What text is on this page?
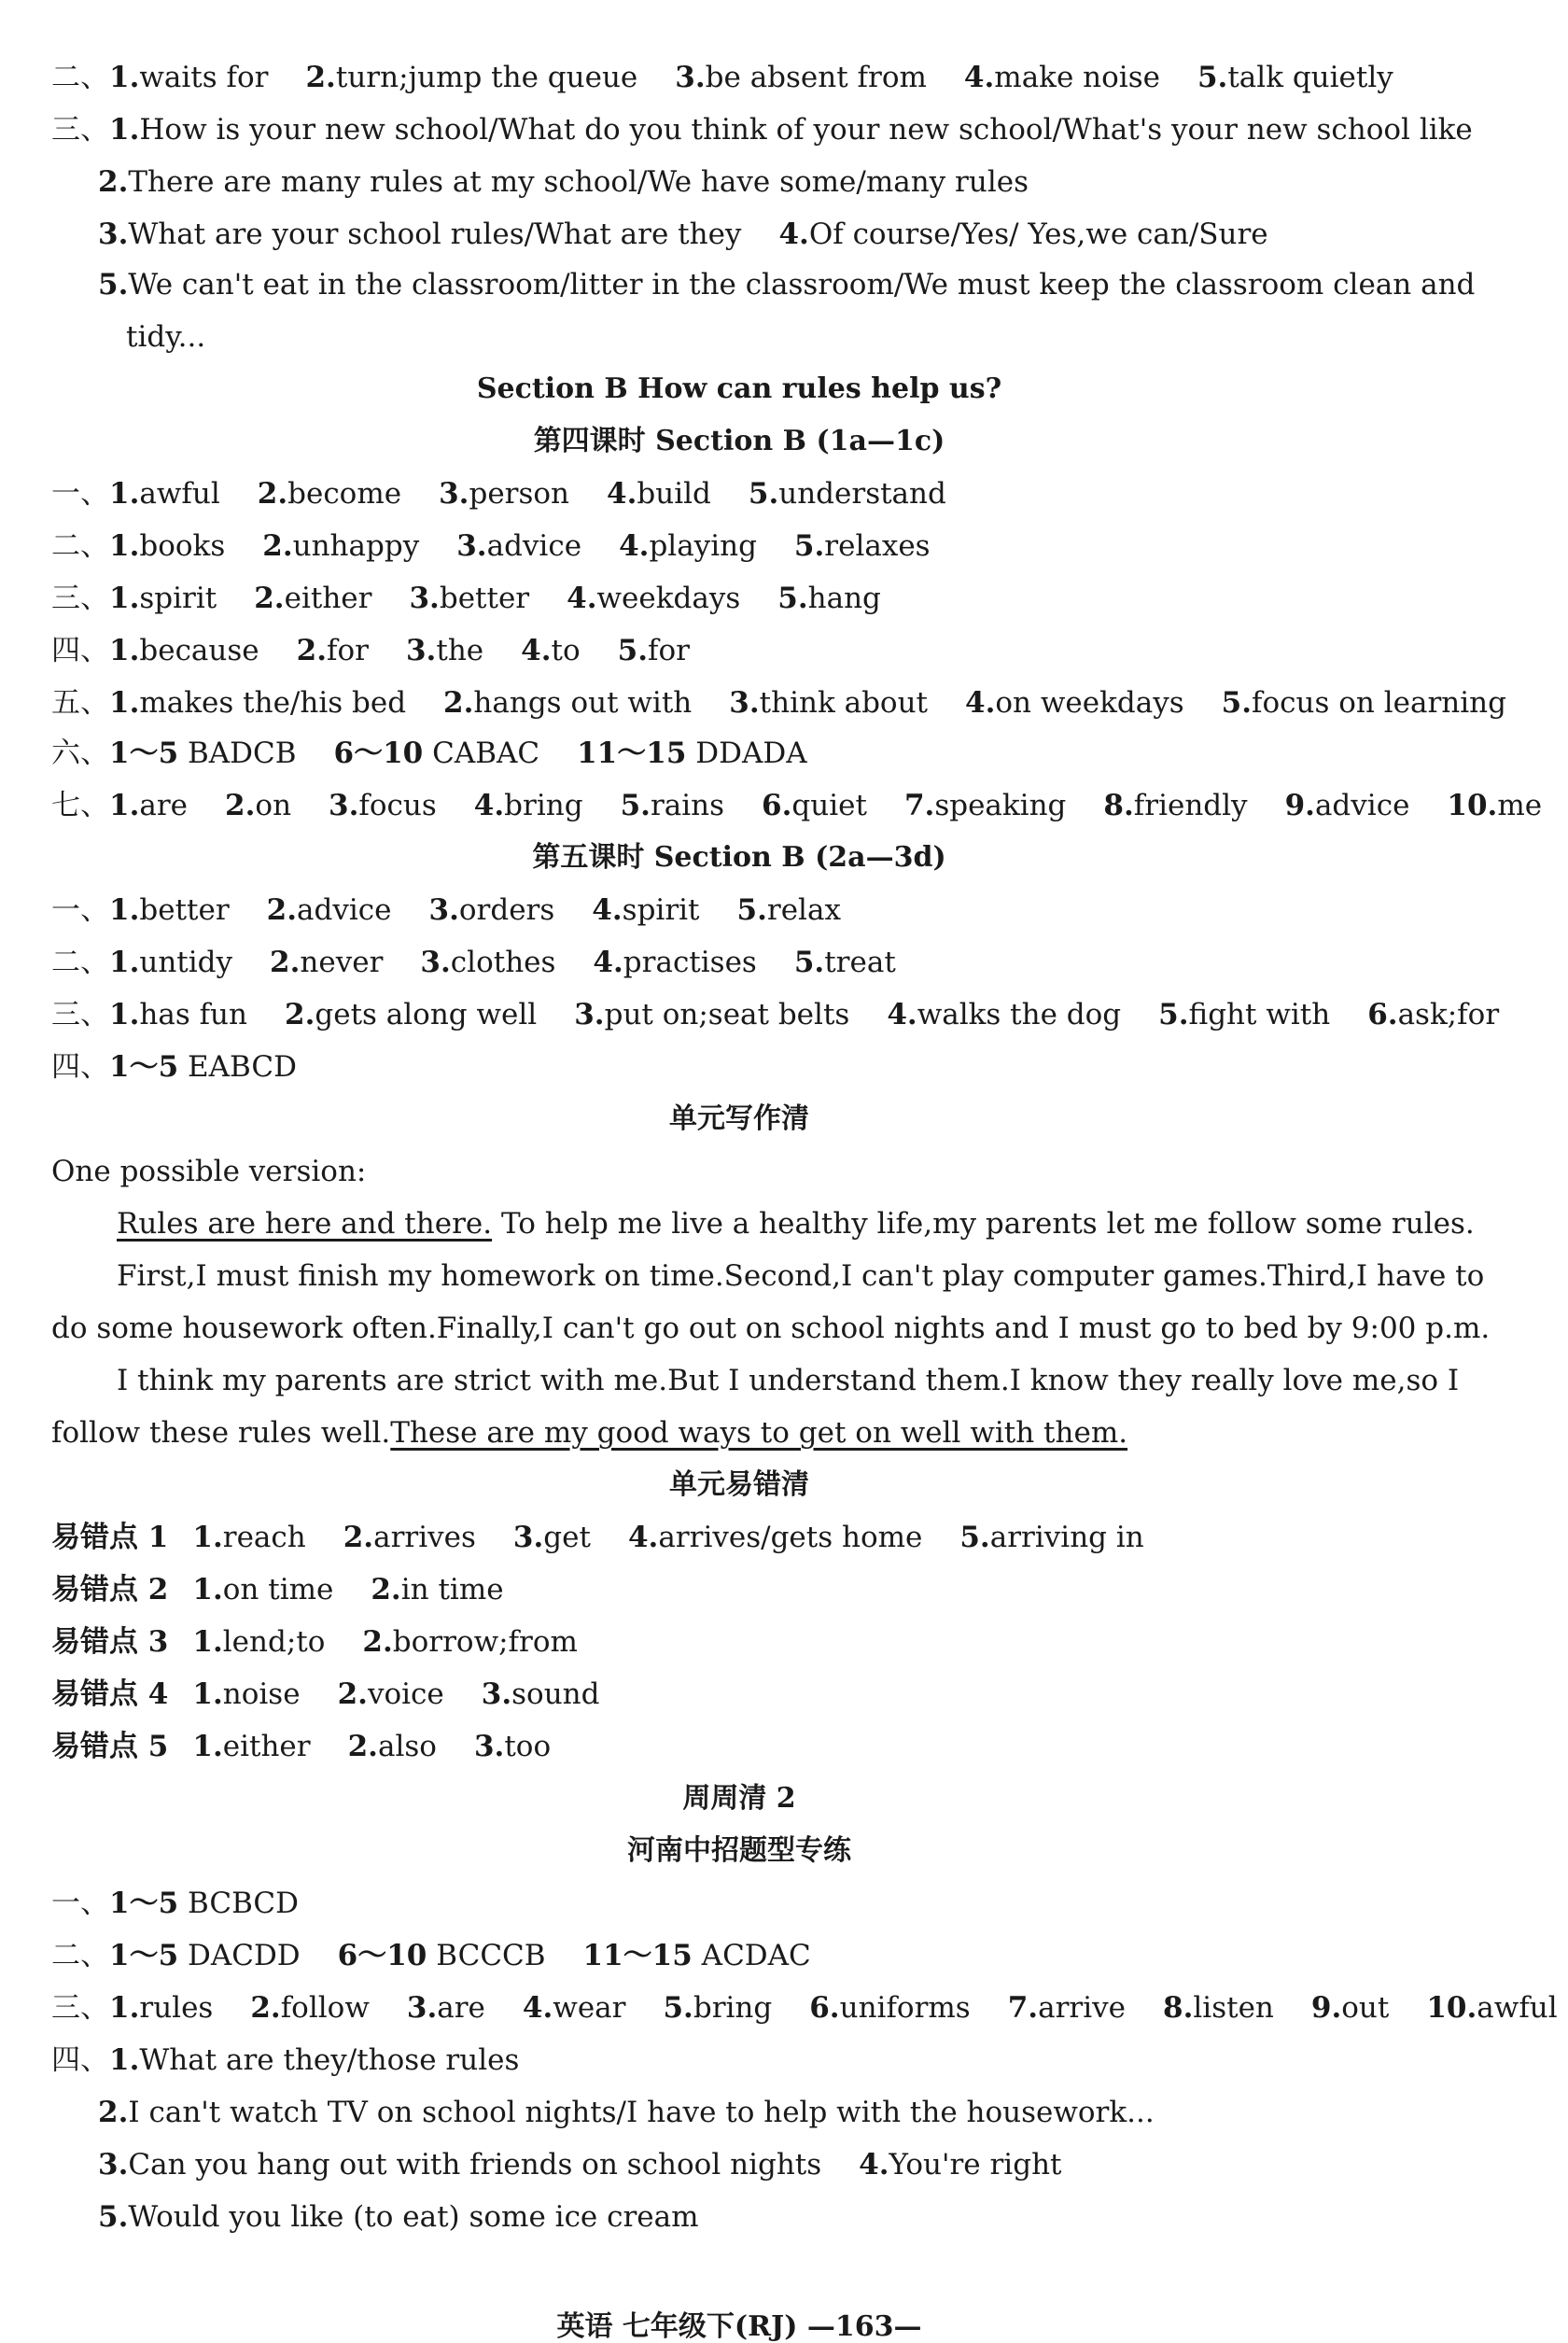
二、1.waits for 2.turn;jump the queue 3.be absent from 4.make noise 5.talk quietly
三、1.How is your new school/What do you think of your new school/What's your new school like
2.There are many rules at my school/We have some/many rules
3.What are your school rules/What are they 4.Of course/Yes/ Yes,we can/Sure
5.We can't eat in the classroom/litter in the classroom/We must keep the classroom clean and
tidy...
Section B How can rules help us?
第四课时 Section B (1a—1c)
一、1.awful 2.become 3.person 4.build 5.understand
二、1.books 2.unhappy 3.advice 4.playing 5.relaxes
三、1.spirit 2.either 3.better 4.weekdays 5.hang
四、1.because 2.for 3.the 4.to 5.for
五、1.makes the/his bed 2.hangs out with 3.think about 4.on weekdays 5.focus on learning
六、1～5 BADCB 6～10 CABAC 11～15 DDADA
七、1.are 2.on 3.focus 4.bring 5.rains 6.quiet 7.speaking 8.friendly 9.advice 10.me
第五课时 Section B (2a—3d)
一、1.better 2.advice 3.orders 4.spirit 5.relax
二、1.untidy 2.never 3.clothes 4.practises 5.treat
三、1.has fun 2.gets along well 3.put on;seat belts 4.walks the dog 5.fight with 6.ask;for
四、1～5 EABCD
单元写作清
One possible version:
Rules are here and there. To help me live a healthy life,my parents let me follow some rules.
First,I must finish my homework on time.Second,I can't play computer games.Third,I have to
do some housework often.Finally,I can't go out on school nights and I must go to bed by 9:00 p.m.
I think my parents are strict with me.But I understand them.I know they really love me,so I
follow these rules well.These are my good ways to get on well with them.
单元易错清
易错点 1 1.reach 2.arrives 3.get 4.arrives/gets home 5.arriving in
易错点 2 1.on time 2.in time
易错点 3 1.lend;to 2.borrow;from
易错点 4 1.noise 2.voice 3.sound
易错点 5 1.either 2.also 3.too
周周清 2
河南中招题型专练
一、1～5 BCBCD
二、1～5 DACDD 6～10 BCCCB 11～15 ACDAC
三、1.rules 2.follow 3.are 4.wear 5.bring 6.uniforms 7.arrive 8.listen 9.out 10.awful
四、1.What are they/those rules
2.I can't watch TV on school nights/I have to help with the housework...
3.Can you hang out with friends on school nights 4.You're right
5.Would you like (to eat) some ice cream
英语 七年级下(RJ) —163—
